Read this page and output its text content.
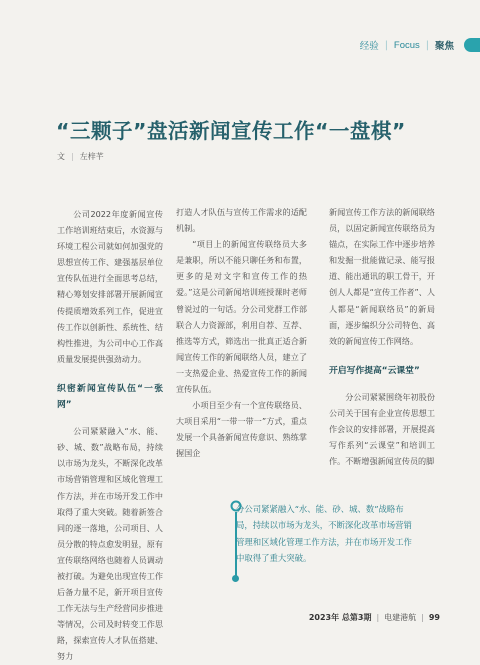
经验 | Focus | 聚焦
“三颗子”盘活新闻宣传工作“一盘棋”
文 | 左梓芊

公司2022年度新闻宣传工作培训班结束后，水资源与环境工程公司就如何加强党的思想宣传工作、建强基层单位宣传队伍进行全面思考总结，精心筹划安排部署开展新闻宣传提质增效系列工作，促进宣传工作以创新性、系统性、结构性推进，为公司中心工作高质量发展提供强劲动力。

织密新闻宣传队伍“一张网”

公司紧紧融入“水、能、砂、城、数”战略布局，持续以市场为龙头，不断深化改革市场营销管理和区域化管理工作方法，并在市场开发工作中取得了重大突破。随着新签合同的逐一落地，公司项目、人员分散的特点愈发明显，原有宣传联络网络也随着人员调动被打破。为避免出现宣传工作后备力量不足，新开项目宣传工作无法与生产经营同步推进等情况，公司及时转变工作思路，探索宣传人才队伍搭建、努力

打造人才队伍与宣传工作需求的适配机制。

“项目上的新闻宣传联络员大多是兼职，所以不能只聊任务和布置，更多的是对文字和宣传工作的热爱。”这是公司新闻培训班授课时老师曾说过的一句话。分公司党群工作部联合人力资源部，利用自荐、互荐、推选等方式，筛选出一批真正适合新闻宣传工作的新闻联络人员，建立了一支热爱企业、热爱宣传工作的新闻宣传队伍。

小项目至少有一个宣传联络员、大项目采用“一带一带一”方式，重点发展一个具备新闻宣传意识、熟练掌握国企

新闻宣传工作方法的新闻联络员，以固定新闻宣传联络员为锚点，在实际工作中逐步培养和发掘一批能做记录、能写报道、能出通讯的职工骨干，开创人人都是“宣传工作者”、人人都是“新闻联络员”的新局面，逐步编织分公司特色、高效的新闻宣传工作网络。

开启写作提高“云课堂”

分公司紧紧围绕年初股份公司关于国有企业宣传思想工作会议的安排部署，开展提高写作系列“云课堂”和培训工作。不断增强新闻宣传员的脚

分公司紧紧融入“水、能、砂、城、数”战略布局，持续以市场为龙头，不断深化改革市场营销管理和区域化管理工作方法，并在市场开发工作中取得了重大突破。
2023年 总第3期 | 电建港航 | 99
